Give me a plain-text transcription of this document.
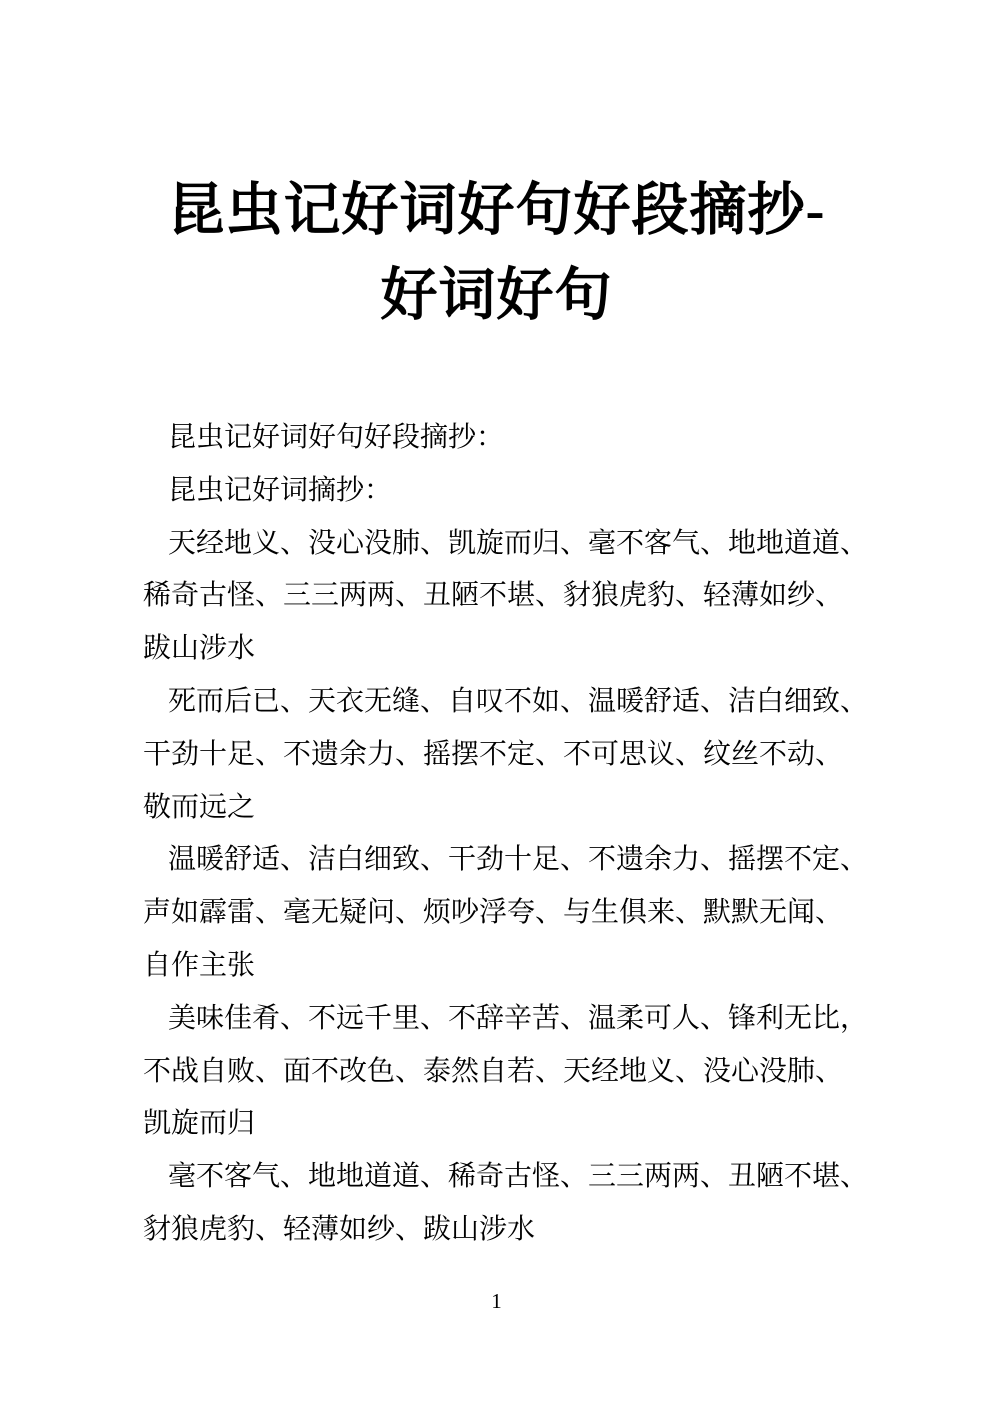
昆虫记好词好句好段摘抄-
好词好句
昆虫记好词好句好段摘抄：
昆虫记好词摘抄：
天经地义、没心没肺、凯旋而归、毫不客气、地地道道、
稀奇古怪、三三两两、丑陋不堪、豺狼虎豹、轻薄如纱、
跋山涉水
死而后已、天衣无缝、自叹不如、温暖舒适、洁白细致、
干劲十足、不遗余力、摇摆不定、不可思议、纹丝不动、
敬而远之
温暖舒适、洁白细致、干劲十足、不遗余力、摇摆不定、
声如霹雷、毫无疑问、烦吵浮夸、与生俱来、默默无闻、
自作主张
美味佳肴、不远千里、不辞辛苦、温柔可人、锋利无比，
不战自败、面不改色、泰然自若、天经地义、没心没肺、
凯旋而归
毫不客气、地地道道、稀奇古怪、三三两两、丑陋不堪、
豺狼虎豹、轻薄如纱、跋山涉水
1
